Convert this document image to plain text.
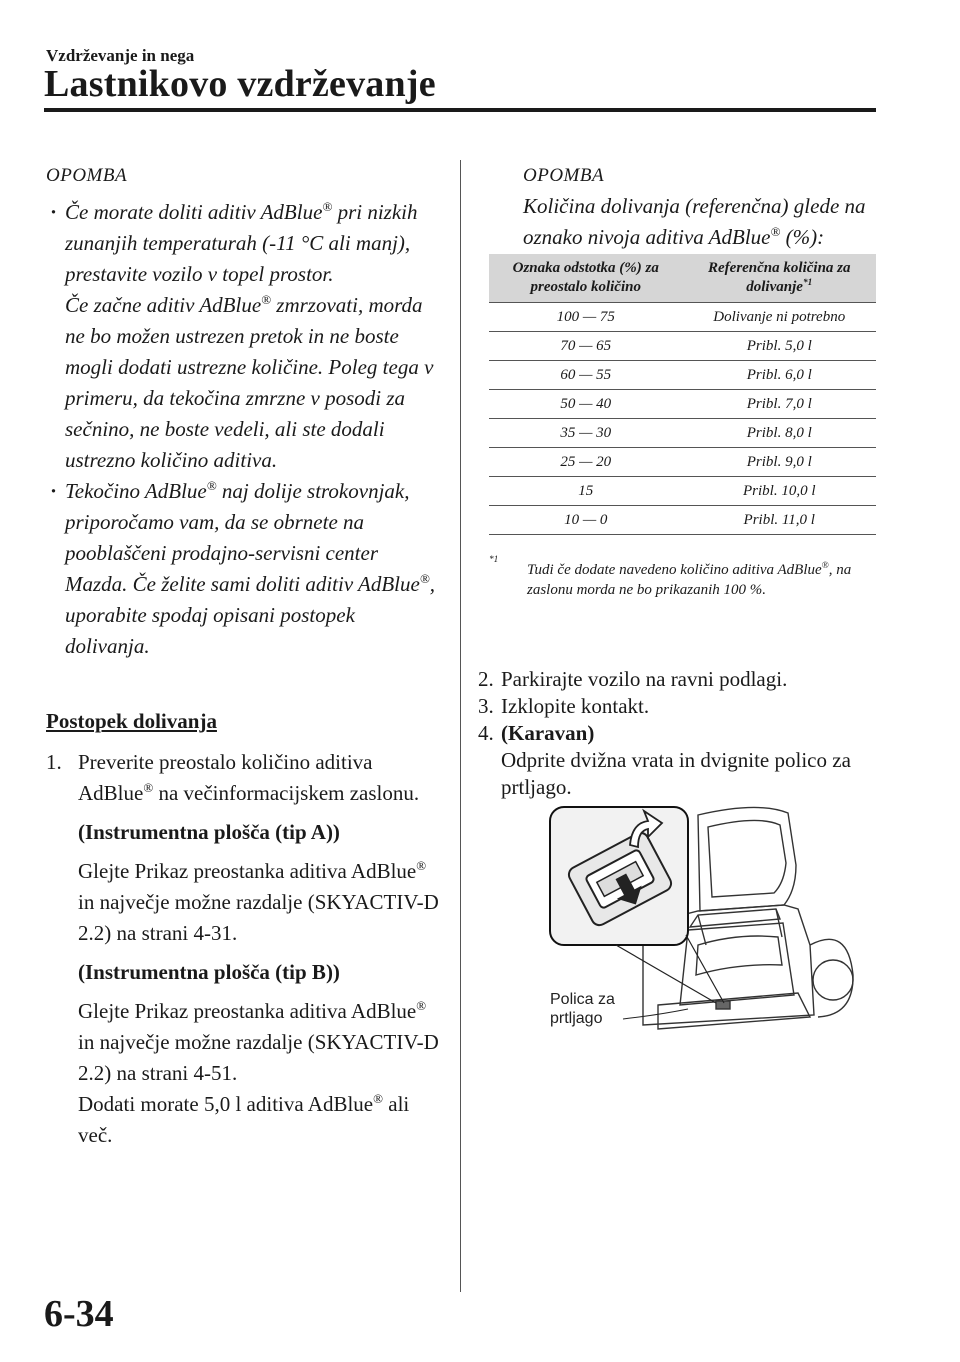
Vzdrževanje in nega
Lastnikovo vzdrževanje
OPOMBA
· Če morate doliti aditiv AdBlue® pri nizkih zunanjih temperaturah (-11 °C ali manj), prestavite vozilo v topel prostor.
Če začne aditiv AdBlue® zmrzovati, morda ne bo možen ustrezen pretok in ne boste mogli dodati ustrezne količine. Poleg tega v primeru, da tekočina zmrzne v posodi za sečnino, ne boste vedeli, ali ste dodali ustrezno količino aditiva.
· Tekočino AdBlue® naj dolije strokovnjak, priporočamo vam, da se obrnete na pooblaščeni prodajno-servisni center Mazda. Če želite sami doliti aditiv AdBlue®, uporabite spodaj opisani postopek dolivanja.
Postopek dolivanja
1. Preverite preostalo količino aditiva AdBlue® na večinformacijskem zaslonu.
(Instrumentna plošča (tip A))
Glejte Prikaz preostanka aditiva AdBlue® in največje možne razdalje (SKYACTIV-D 2.2) na strani 4-31.
(Instrumentna plošča (tip B))
Glejte Prikaz preostanka aditiva AdBlue® in največje možne razdalje (SKYACTIV-D 2.2) na strani 4-51.
Dodati morate 5,0 l aditiva AdBlue® ali več.
OPOMBA
Količina dolivanja (referenčna) glede na oznako nivoja aditiva AdBlue® (%):
Oznaka odstotka (%) za preostalo količino	Referenčna količina za dolivanje$^{*1}$
100 — 75	Dolivanje ni potrebno
70 — 65	Pribl. 5,0 l
60 — 55	Pribl. 6,0 l
50 — 40	Pribl. 7,0 l
35 — 30	Pribl. 8,0 l
25 — 20	Pribl. 9,0 l
15	Pribl. 10,0 l
10 — 0	Pribl. 11,0 l
*1
Tudi če dodate navedeno količino aditiva AdBlue®, na zaslonu morda ne bo prikazanih 100 %.
2. Parkirajte vozilo na ravni podlagi.
3. Izklopite kontakt.
4. (Karavan)
Odprite dvižna vrata in dvignite polico za prtljago.
Polica za
prtljago
6-34
